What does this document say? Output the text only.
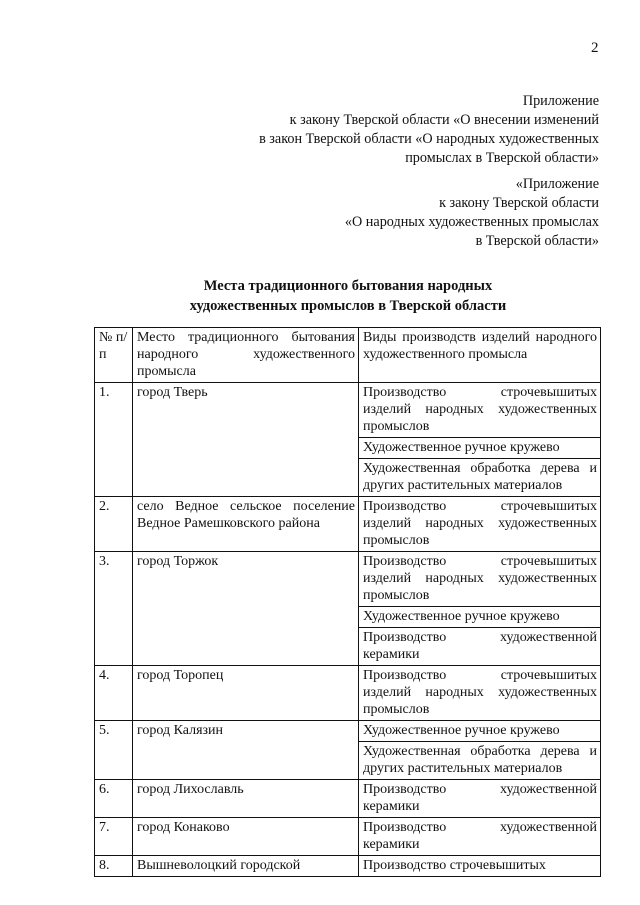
2
Приложение
к закону Тверской области «О внесении изменений
в закон Тверской области «О народных художественных
промыслах в Тверской области»
«Приложение
к закону Тверской области
«О народных художественных промыслах
в Тверской области»
Места традиционного бытования народных
художественных промыслов в Тверской области
№ п/п	Место традиционного бытования народного художественного промысла	Виды производств изделий народного художественного промысла
1.	город Тверь	Производство строчевышитых изделий народных художественных промыслов
Художественное ручное кружево
Художественная обработка дерева и других растительных материалов

2.	село Ведное сельское поселение Ведное Рамешковского района	Производство строчевышитых изделий народных художественных промыслов

3.	город Торжок	Производство строчевышитых изделий народных художественных промыслов
Художественное ручное кружево
Производство художественной керамики

4.	город Торопец	Производство строчевышитых изделий народных художественных промыслов

5.	город Калязин	Художественное ручное кружево
Художественная обработка дерева и других растительных материалов

6.	город Лихославль	Производство художественной керамики

7.	город Конаково	Производство художественной керамики

8.	Вышневолоцкий городской	Производство строчевышитых
